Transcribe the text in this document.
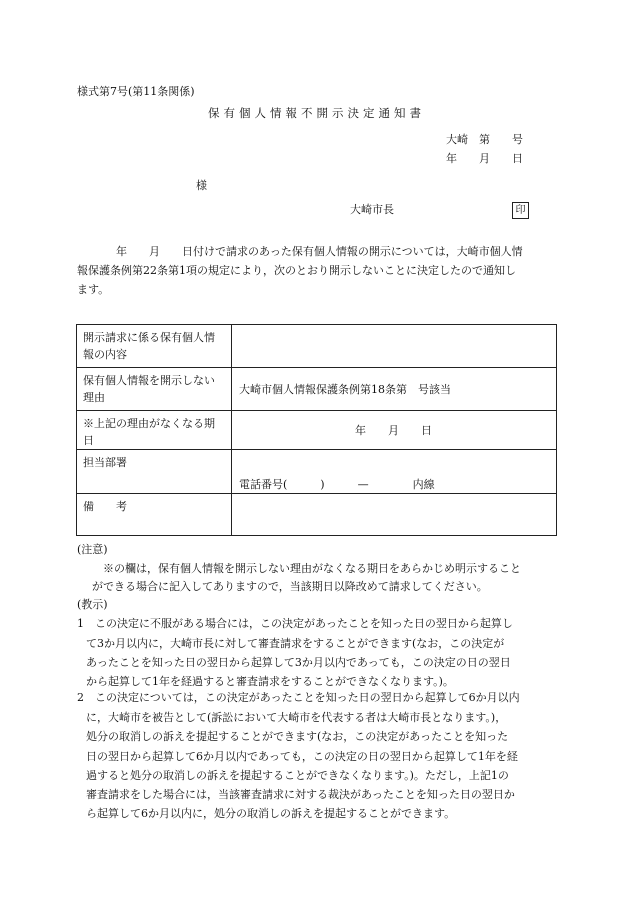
様式第7号(第11条関係)
保有個人情報不開示決定通知書
大崎　第　　号
年　　月　　日
様
大崎市長	印
年　　月　　日付けで請求のあった保有個人情報の開示については，大崎市個人情
報保護条例第22条第1項の規定により，次のとおり開示しないことに決定したので通知し
ます。
開示請求に係る保有個人情
報の内容	

保有個人情報を開示しない
理由	大崎市個人情報保護条例第18条第　号該当

※上記の理由がなくなる期
日	年　　月　　日

担当部署	電話番号(　　　)　　　—　　　　内線

備　　考	

(注意)
※の欄は，保有個人情報を開示しない理由がなくなる期日をあらかじめ明示すること
ができる場合に記入してありますので，当該期日以降改めて請求してください。
(教示)
1　この決定に不服がある場合には，この決定があったことを知った日の翌日から起算し
て3か月以内に，大崎市長に対して審査請求をすることができます(なお，この決定が
あったことを知った日の翌日から起算して3か月以内であっても，この決定の日の翌日
から起算して1年を経過すると審査請求をすることができなくなります。)。
2　この決定については，この決定があったことを知った日の翌日から起算して6か月以内
に，大崎市を被告として(訴訟において大崎市を代表する者は大崎市長となります。)，
処分の取消しの訴えを提起することができます(なお，この決定があったことを知った
日の翌日から起算して6か月以内であっても，この決定の日の翌日から起算して1年を経
過すると処分の取消しの訴えを提起することができなくなります。)。ただし，上記1の
審査請求をした場合には，当該審査請求に対する裁決があったことを知った日の翌日か
ら起算して6か月以内に，処分の取消しの訴えを提起することができます。
